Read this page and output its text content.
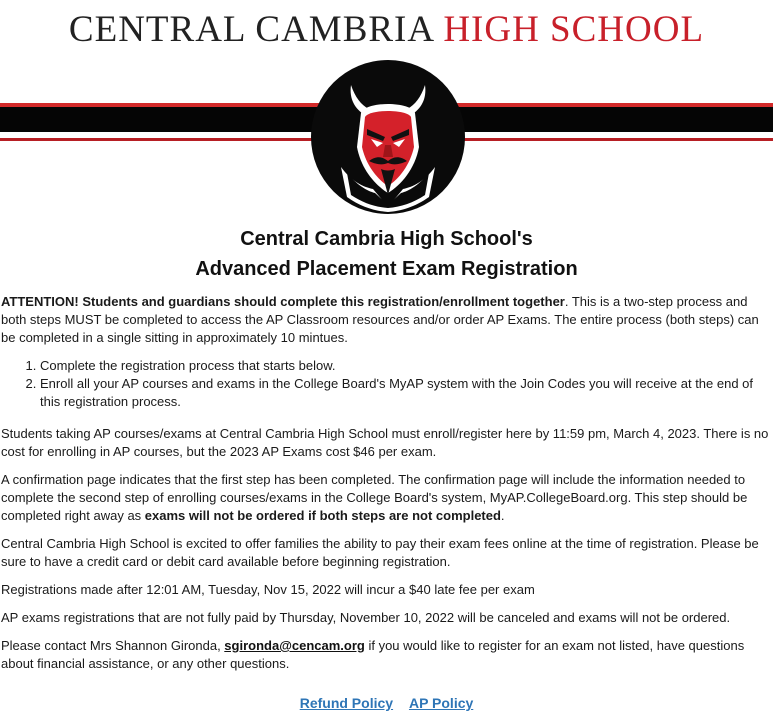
CENTRAL CAMBRIA HIGH SCHOOL
Central Cambria High School's
Advanced Placement Exam Registration

ATTENTION! Students and guardians should complete this registration/enrollment together. This is a two-step process and both steps MUST be completed to access the AP Classroom resources and/or order AP Exams. The entire process (both steps) can be completed in a single sitting in approximately 10 mintues.

1. Complete the registration process that starts below.
2. Enroll all your AP courses and exams in the College Board's MyAP system with the Join Codes you will receive at the end of this registration process.

Students taking AP courses/exams at Central Cambria High School must enroll/register here by 11:59 pm, March 4, 2023. There is no cost for enrolling in AP courses, but the 2023 AP Exams cost $46 per exam.

A confirmation page indicates that the first step has been completed. The confirmation page will include the information needed to complete the second step of enrolling courses/exams in the College Board's system, MyAP.CollegeBoard.org. This step should be completed right away as exams will not be ordered if both steps are not completed.

Central Cambria High School is excited to offer families the ability to pay their exam fees online at the time of registration. Please be sure to have a credit card or debit card available before beginning registration.

Registrations made after 12:01 AM, Tuesday, Nov 15, 2022 will incur a $40 late fee per exam

AP exams registrations that are not fully paid by Thursday, November 10, 2022 will be canceled and exams will not be ordered.

Please contact Mrs Shannon Gironda, sgironda@cencam.org if you would like to register for an exam not listed, have questions about financial assistance, or any other questions.

Refund Policy AP Policy
